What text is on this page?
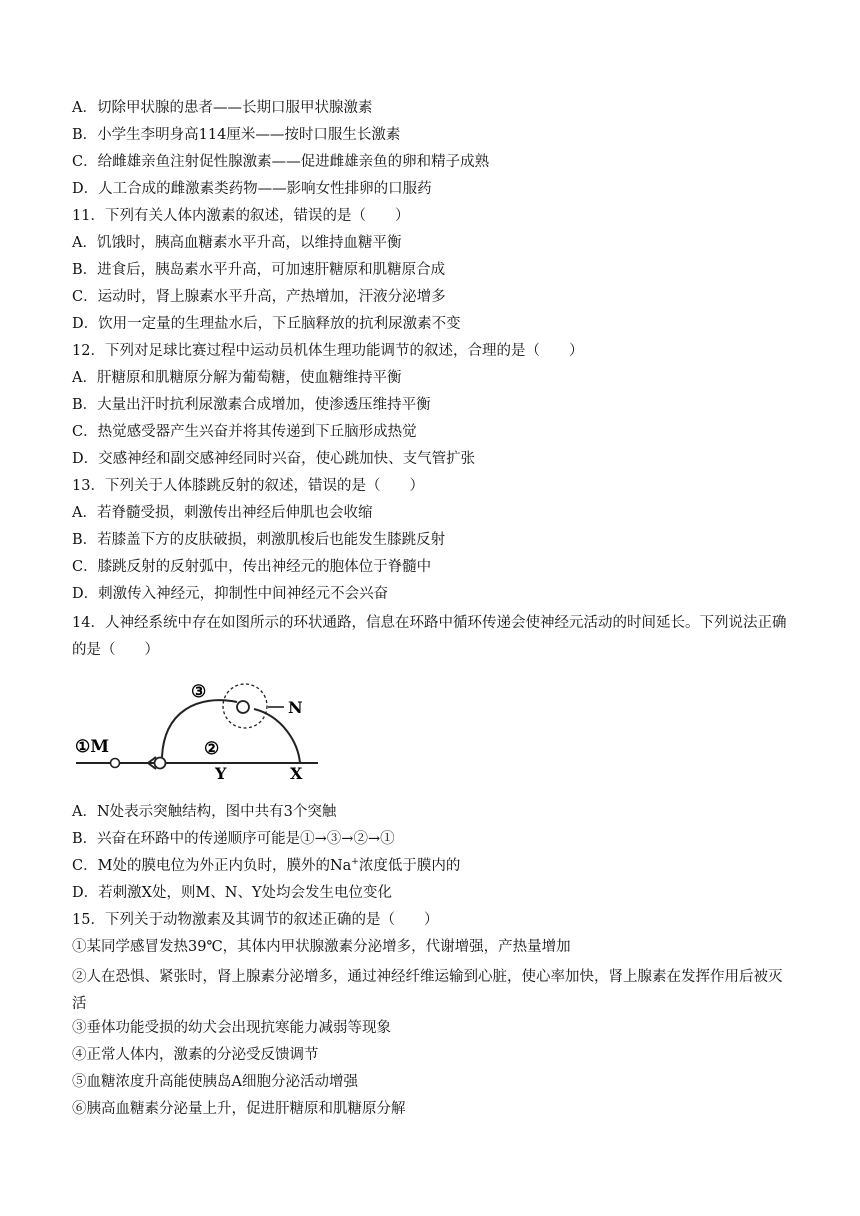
A．切除甲状腺的患者——长期口服甲状腺激素
B．小学生李明身高114厘米——按时口服生长激素
C．给雌雄亲鱼注射促性腺激素——促进雌雄亲鱼的卵和精子成熟
D．人工合成的雌激素类药物——影响女性排卵的口服药
11．下列有关人体内激素的叙述，错误的是（　　）
A．饥饿时，胰高血糖素水平升高，以维持血糖平衡
B．进食后，胰岛素水平升高，可加速肝糖原和肌糖原合成
C．运动时，肾上腺素水平升高，产热增加，汗液分泌增多
D．饮用一定量的生理盐水后，下丘脑释放的抗利尿激素不变
12．下列对足球比赛过程中运动员机体生理功能调节的叙述，合理的是（　　）
A．肝糖原和肌糖原分解为葡萄糖，使血糖维持平衡
B．大量出汗时抗利尿激素合成增加，使渗透压维持平衡
C．热觉感受器产生兴奋并将其传递到下丘脑形成热觉
D．交感神经和副交感神经同时兴奋，使心跳加快、支气管扩张
13．下列关于人体膝跳反射的叙述，错误的是（　　）
A．若脊髓受损，刺激传出神经后伸肌也会收缩
B．若膝盖下方的皮肤破损，刺激肌梭后也能发生膝跳反射
C．膝跳反射的反射弧中，传出神经元的胞体位于脊髓中
D．刺激传入神经元，抑制性中间神经元不会兴奋
14．人神经系统中存在如图所示的环状通路，信息在环路中循环传递会使神经元活动的时间延长。下列说法正确的是（　　）
①M	②
③
N
Y	X
A．N处表示突触结构，图中共有3个突触
B．兴奋在环路中的传递顺序可能是①→③→②→①
C．M处的膜电位为外正内负时，膜外的Na+浓度低于膜内的
D．若刺激X处，则M、N、Y处均会发生电位变化
15．下列关于动物激素及其调节的叙述正确的是（　　）
①某同学感冒发热39℃，其体内甲状腺激素分泌增多，代谢增强，产热量增加
②人在恐惧、紧张时，肾上腺素分泌增多，通过神经纤维运输到心脏，使心率加快，肾上腺素在发挥作用后被灭活
③垂体功能受损的幼犬会出现抗寒能力减弱等现象
④正常人体内，激素的分泌受反馈调节
⑤血糖浓度升高能使胰岛A细胞分泌活动增强
⑥胰高血糖素分泌量上升，促进肝糖原和肌糖原分解
